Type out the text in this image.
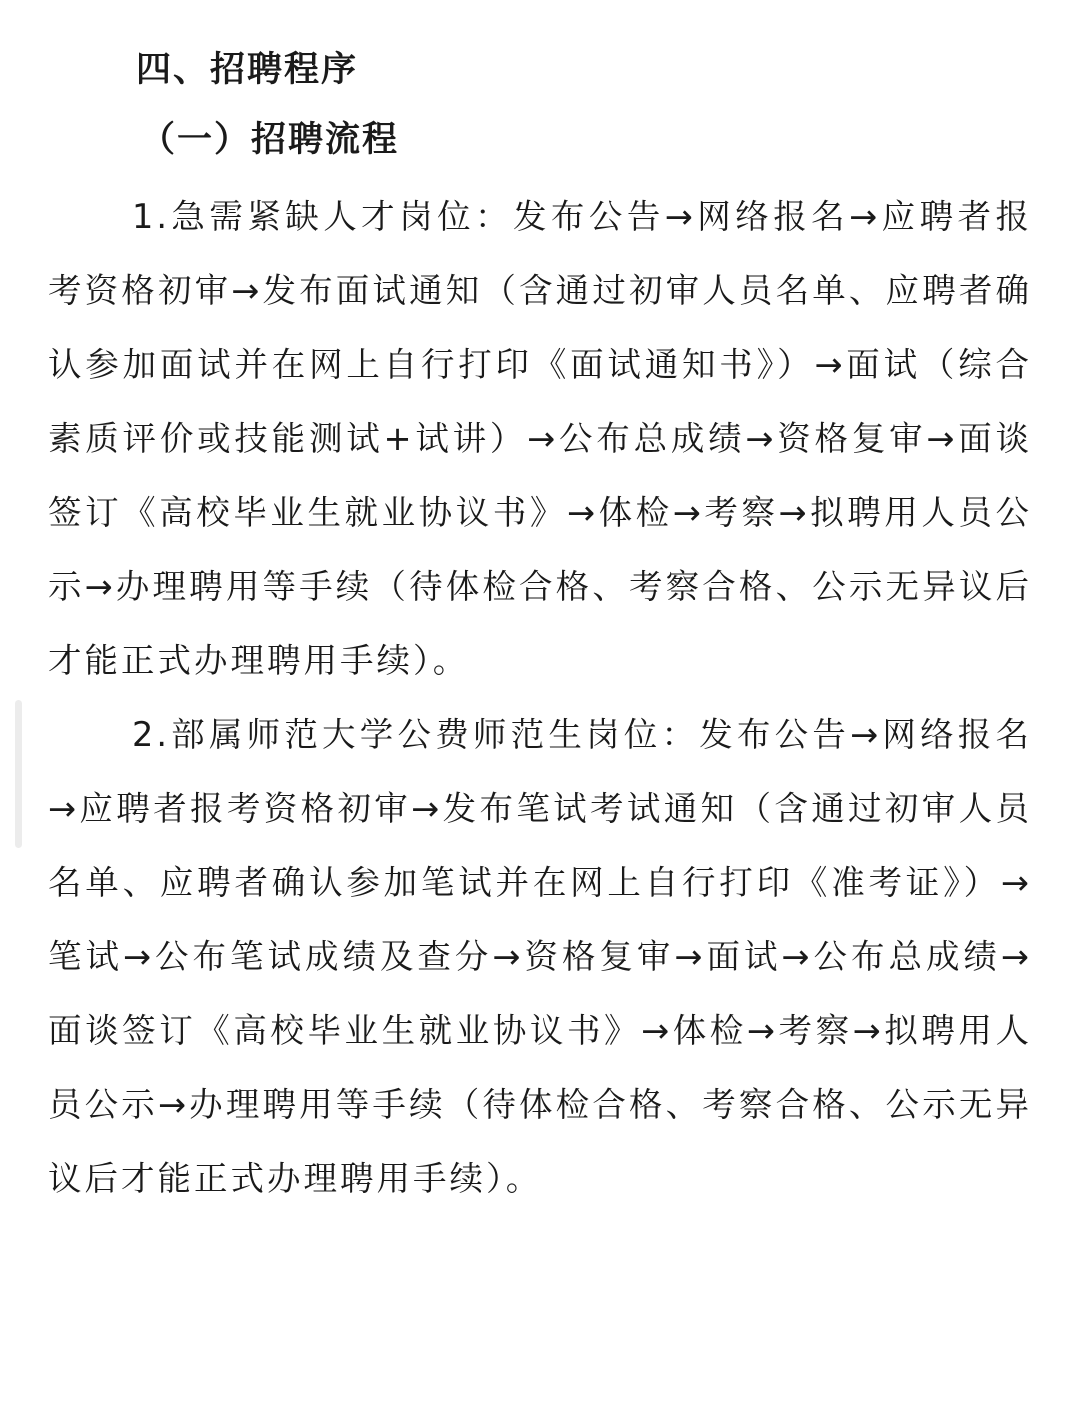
四、招聘程序
（一）招聘流程

1.急需紧缺人才岗位：发布公告→网络报名→应聘者报考资格初审→发布面试通知（含通过初审人员名单、应聘者确认参加面试并在网上自行打印《面试通知书》）→面试（综合素质评价或技能测试+试讲）→公布总成绩→资格复审→面谈签订《高校毕业生就业协议书》→体检→考察→拟聘用人员公示→办理聘用等手续（待体检合格、考察合格、公示无异议后才能正式办理聘用手续）。

2.部属师范大学公费师范生岗位：发布公告→网络报名→应聘者报考资格初审→发布笔试考试通知（含通过初审人员名单、应聘者确认参加笔试并在网上自行打印《准考证》）→笔试→公布笔试成绩及查分→资格复审→面试→公布总成绩→面谈签订《高校毕业生就业协议书》→体检→考察→拟聘用人员公示→办理聘用等手续（待体检合格、考察合格、公示无异议后才能正式办理聘用手续）。
